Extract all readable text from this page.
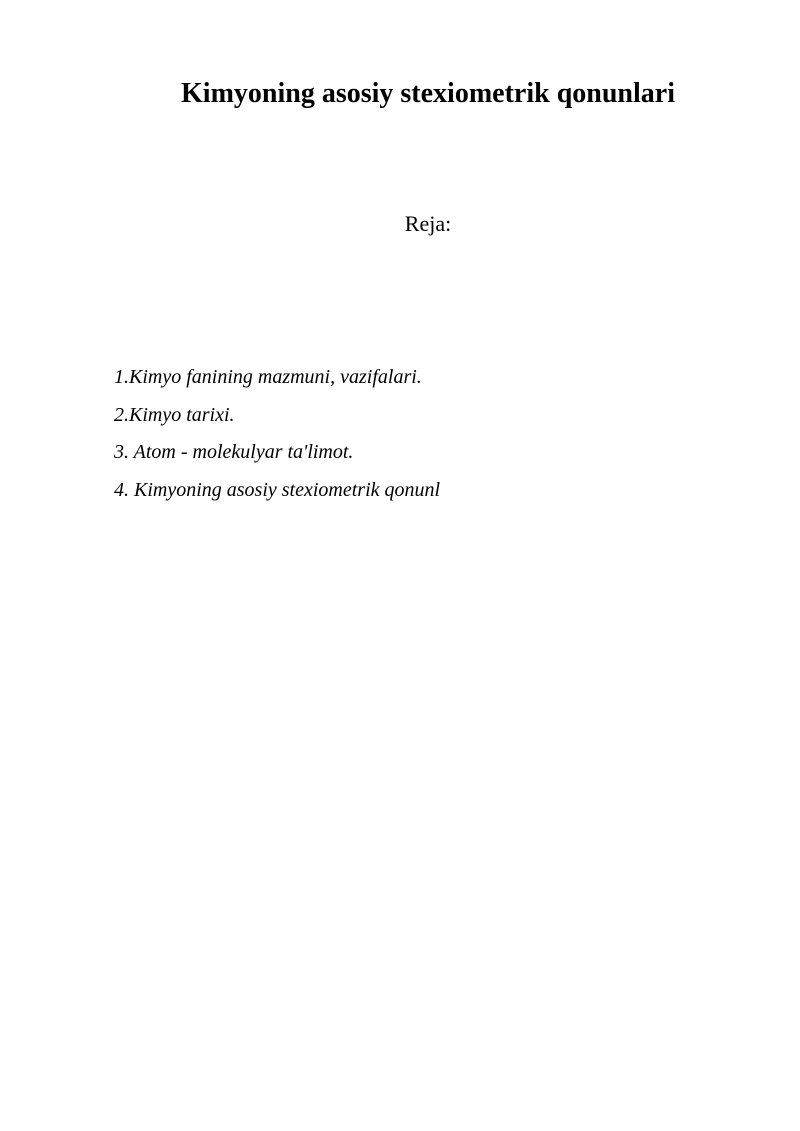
Kimyoning asosiy stexiometrik qonunlari

Reja:

1.Kimyo fanining mazmuni, vazifalari.
2.Kimyo tarixi.
3. Atom - molekulyar ta'limot.
4. Kimyoning asosiy stexiometrik qonunl
